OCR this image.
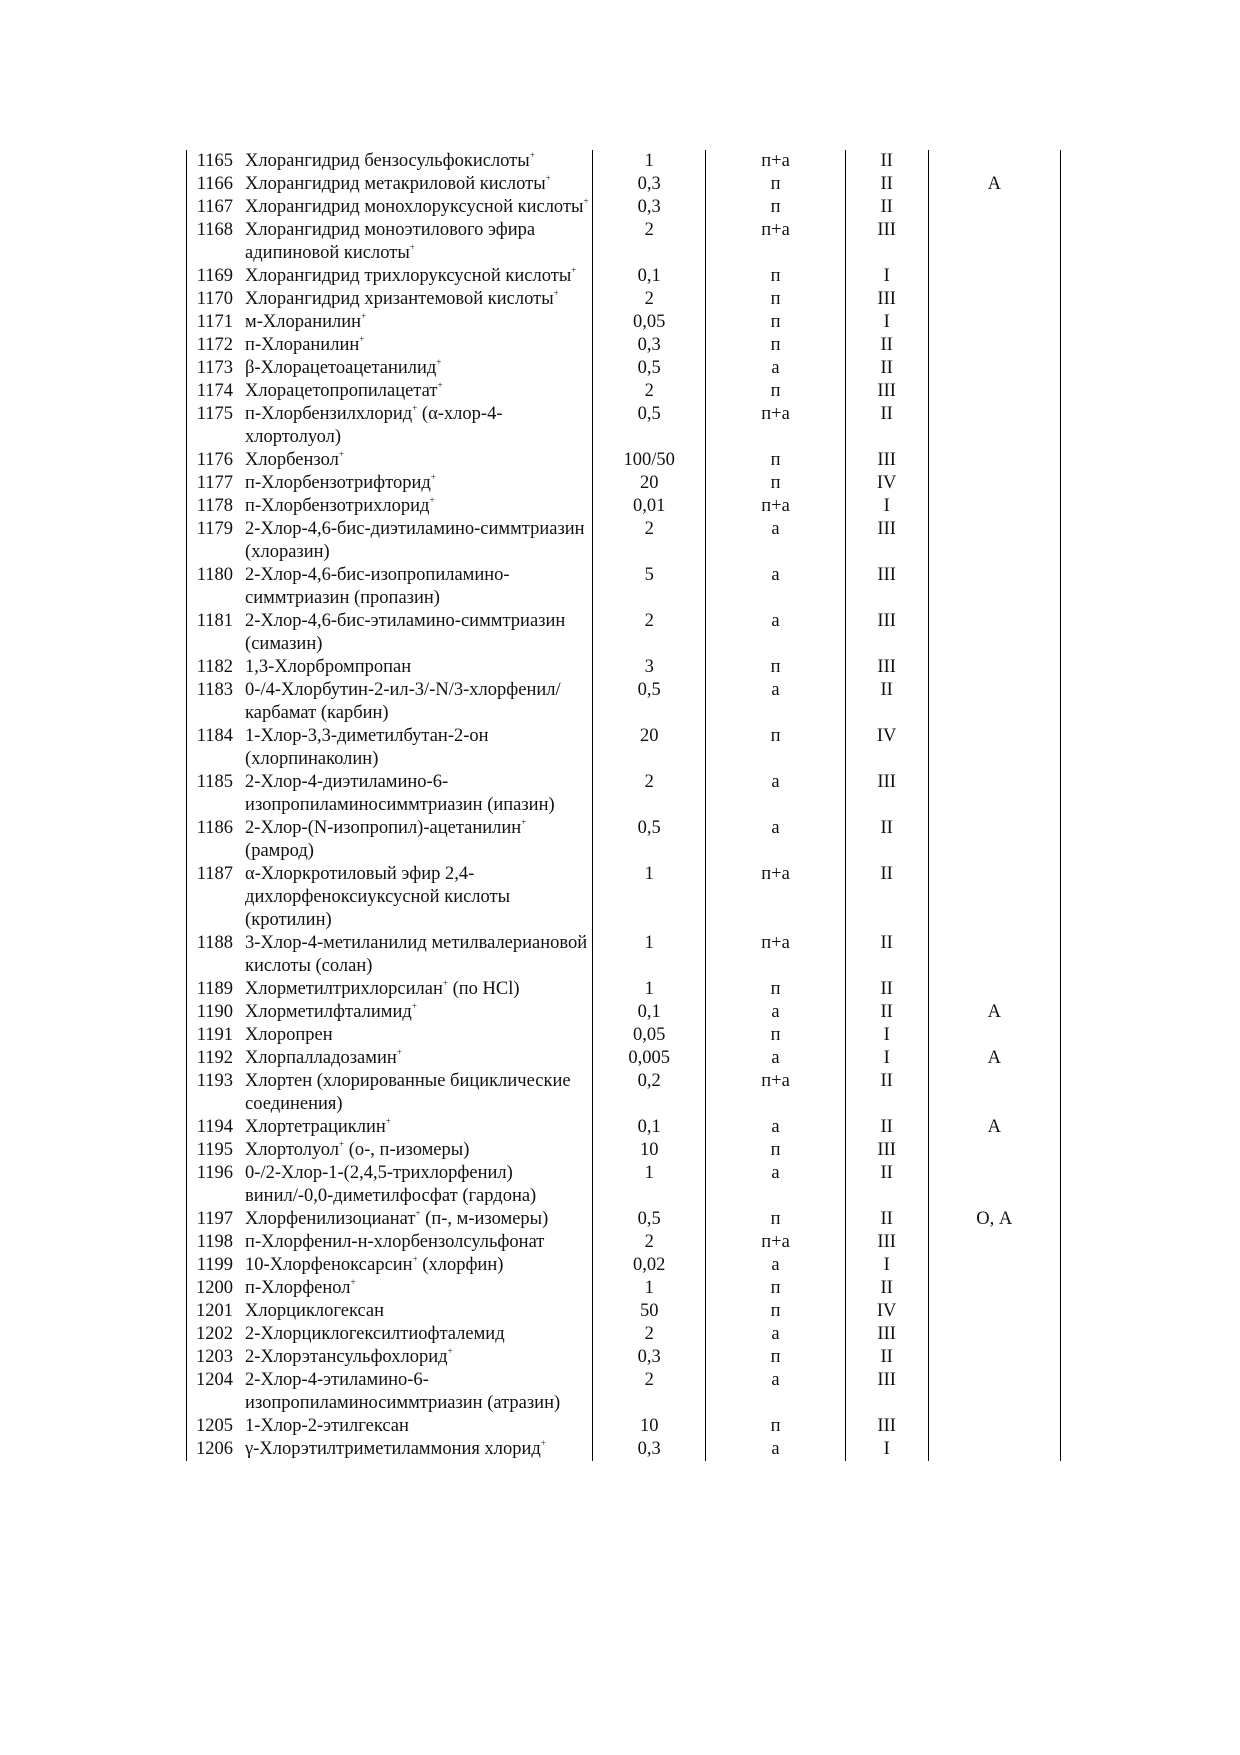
1165	Хлорангидрид бензосульфокислоты+	1	п+а	II	
1166	Хлорангидрид метакриловой кислоты+	0,3	п	II	А
1167	Хлорангидрид монохлоруксусной кислоты+	0,3	п	II	
1168	Хлорангидрид моноэтилового эфира адипиновой кислоты+	2	п+а	III	
1169	Хлорангидрид трихлоруксусной кислоты+	0,1	п	I	
1170	Хлорангидрид хризантемовой кислоты+	2	п	III	
1171	м-Хлоранилин+	0,05	п	I	
1172	п-Хлоранилин+	0,3	п	II	
1173	β-Хлорацетоацетанилид+	0,5	а	II	
1174	Хлорацетопропилацетат+	2	п	III	
1175	п-Хлорбензилхлорид+ (α-хлор-4-хлортолуол)	0,5	п+а	II	
1176	Хлорбензол+	100/50	п	III	
1177	п-Хлорбензотрифторид+	20	п	IV	
1178	п-Хлорбензотрихлорид+	0,01	п+а	I	
1179	2-Хлор-4,6-бис-диэтиламино-симмтриазин (хлоразин)	2	а	III	
1180	2-Хлор-4,6-бис-изопропиламино-симмтриазин (пропазин)	5	а	III	
1181	2-Хлор-4,6-бис-этиламино-симмтриазин (симазин)	2	а	III	
1182	1,3-Хлорбромпропан	3	п	III	
1183	0-/4-Хлорбутин-2-ил-3/-N/3-хлорфенил/карбамат (карбин)	0,5	а	II	
1184	1-Хлор-3,3-диметилбутан-2-он (хлорпинаколин)	20	п	IV	
1185	2-Хлор-4-диэтиламино-6-изопропиламиносиммтриазин (ипазин)	2	а	III	
1186	2-Хлор-(N-изопропил)-ацетанилин+ (рамрод)	0,5	а	II	
1187	α-Хлоркротиловый эфир 2,4-дихлорфеноксиуксусной кислоты (кротилин)	1	п+а	II	
1188	3-Хлор-4-метиланилид метилвалериановой кислоты (солан)	1	п+а	II	
1189	Хлорметилтрихлорсилан+ (по HCl)	1	п	II	
1190	Хлорметилфталимид+	0,1	а	II	А
1191	Хлоропрен	0,05	п	I	
1192	Хлорпалладозамин+	0,005	а	I	А
1193	Хлортен (хлорированные бициклические соединения)	0,2	п+а	II	
1194	Хлортетрациклин+	0,1	а	II	А
1195	Хлортолуол+ (о-, п-изомеры)	10	п	III	
1196	0-/2-Хлор-1-(2,4,5-трихлорфенил) винил/-0,0-диметилфосфат (гардона)	1	а	II	
1197	Хлорфенилизоцианат+ (п-, м-изомеры)	0,5	п	II	О, А
1198	п-Хлорфенил-н-хлорбензолсульфонат	2	п+а	III	
1199	10-Хлорфеноксарсин+ (хлорфин)	0,02	а	I	
1200	п-Хлорфенол+	1	п	II	
1201	Хлорциклогексан	50	п	IV	
1202	2-Хлорциклогексилтиофталемид	2	а	III	
1203	2-Хлорэтансульфохлорид+	0,3	п	II	
1204	2-Хлор-4-этиламино-6-изопропиламиносиммтриазин (атразин)	2	а	III	
1205	1-Хлор-2-этилгексан	10	п	III	
1206	γ-Хлорэтилтриметиламмония хлорид+	0,3	а	I	
